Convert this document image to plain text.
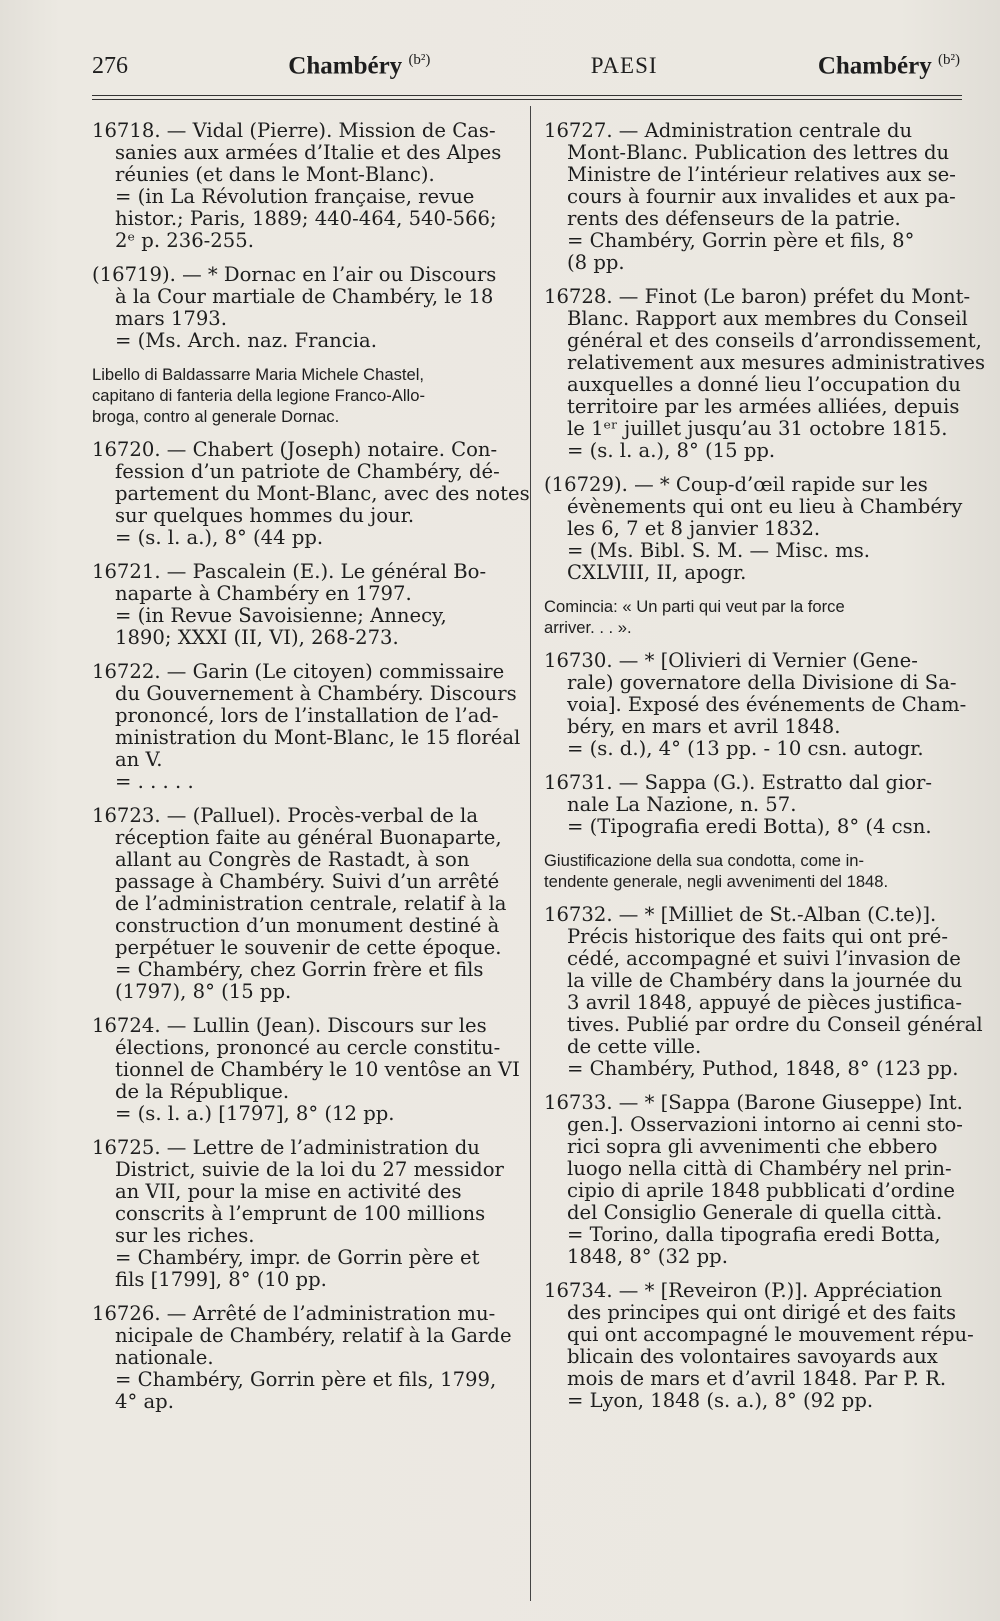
276	Chambéry $^{(b^2)}$	PAESI	Chambéry $^{(b^2)}$
16718. — Vidal (Pierre). Mission de Cas-
sanies aux armées d’Italie et des Alpes
réunies (et dans le Mont-Blanc).
= (in La Révolution française, revue
histor.; Paris, 1889; 440-464, 540-566;
2ᵉ p. 236-255.
(16719). — * Dornac en l’air ou Discours
à la Cour martiale de Chambéry, le 18
mars 1793.
= (Ms. Arch. naz. Francia.
Libello di Baldassarre Maria Michele Chastel,
capitano di fanteria della legione Franco-Allo-
broga, contro al generale Dornac.
16720. — Chabert (Joseph) notaire. Con-
fession d’un patriote de Chambéry, dé-
partement du Mont-Blanc, avec des notes
sur quelques hommes du jour.
= (s. l. a.), 8° (44 pp.
16721. — Pascalein (E.). Le général Bo-
naparte à Chambéry en 1797.
= (in Revue Savoisienne; Annecy,
1890; XXXI (II, VI), 268-273.
16722. — Garin (Le citoyen) commissaire
du Gouvernement à Chambéry. Discours
prononcé, lors de l’installation de l’ad-
ministration du Mont-Blanc, le 15 floréal
an V.
= . . . . .
16723. — (Palluel). Procès-verbal de la
réception faite au général Buonaparte,
allant au Congrès de Rastadt, à son
passage à Chambéry. Suivi d’un arrêté
de l’administration centrale, relatif à la
construction d’un monument destiné à
perpétuer le souvenir de cette époque.
= Chambéry, chez Gorrin frère et fils
(1797), 8° (15 pp.
16724. — Lullin (Jean). Discours sur les
élections, prononcé au cercle constitu-
tionnel de Chambéry le 10 ventôse an VI
de la République.
= (s. l. a.) [1797], 8° (12 pp.
16725. — Lettre de l’administration du
District, suivie de la loi du 27 messidor
an VII, pour la mise en activité des
conscrits à l’emprunt de 100 millions
sur les riches.
= Chambéry, impr. de Gorrin père et
fils [1799], 8° (10 pp.
16726. — Arrêté de l’administration mu-
nicipale de Chambéry, relatif à la Garde
nationale.
= Chambéry, Gorrin père et fils, 1799,
4° ap.
16727. — Administration centrale du
Mont-Blanc. Publication des lettres du
Ministre de l’intérieur relatives aux se-
cours à fournir aux invalides et aux pa-
rents des défenseurs de la patrie.
= Chambéry, Gorrin père et fils, 8°
(8 pp.
16728. — Finot (Le baron) préfet du Mont-
Blanc. Rapport aux membres du Conseil
général et des conseils d’arrondissement,
relativement aux mesures administratives
auxquelles a donné lieu l’occupation du
territoire par les armées alliées, depuis
le 1ᵉʳ juillet jusqu’au 31 octobre 1815.
= (s. l. a.), 8° (15 pp.
(16729). — * Coup-d’œil rapide sur les
évènements qui ont eu lieu à Chambéry
les 6, 7 et 8 janvier 1832.
= (Ms. Bibl. S. M. — Misc. ms.
CXLVIII, II, apogr.
Comincia: « Un parti qui veut par la force
arriver. . . ».
16730. — * [Olivieri di Vernier (Gene-
rale) governatore della Divisione di Sa-
voia]. Exposé des événements de Cham-
béry, en mars et avril 1848.
= (s. d.), 4° (13 pp. - 10 csn. autogr.
16731. — Sappa (G.). Estratto dal gior-
nale La Nazione, n. 57.
= (Tipografia eredi Botta), 8° (4 csn.
Giustificazione della sua condotta, come in-
tendente generale, negli avvenimenti del 1848.
16732. — * [Milliet de St.-Alban (C.te)].
Précis historique des faits qui ont pré-
cédé, accompagné et suivi l’invasion de
la ville de Chambéry dans la journée du
3 avril 1848, appuyé de pièces justifica-
tives. Publié par ordre du Conseil général
de cette ville.
= Chambéry, Puthod, 1848, 8° (123 pp.
16733. — * [Sappa (Barone Giuseppe) Int.
gen.]. Osservazioni intorno ai cenni sto-
rici sopra gli avvenimenti che ebbero
luogo nella città di Chambéry nel prin-
cipio di aprile 1848 pubblicati d’ordine
del Consiglio Generale di quella città.
= Torino, dalla tipografia eredi Botta,
1848, 8° (32 pp.
16734. — * [Reveiron (P.)]. Appréciation
des principes qui ont dirigé et des faits
qui ont accompagné le mouvement répu-
blicain des volontaires savoyards aux
mois de mars et d’avril 1848. Par P. R.
= Lyon, 1848 (s. a.), 8° (92 pp.
